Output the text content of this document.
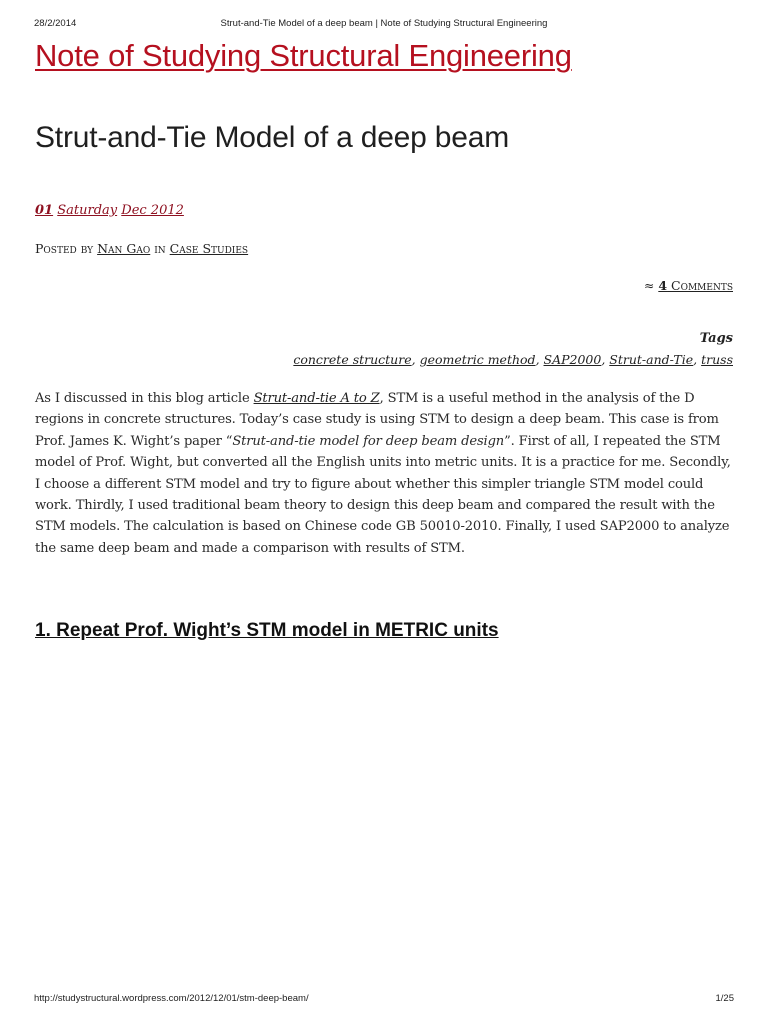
28/2/2014	Strut-and-Tie Model of a deep beam | Note of Studying Structural Engineering
Note of Studying Structural Engineering
Strut-and-Tie Model of a deep beam
01 Saturday Dec 2012
Posted by Nan Gao in Case Studies
≈ 4 Comments
Tags
concrete structure, geometric method, SAP2000, Strut-and-Tie, truss

As I discussed in this blog article Strut-and-tie A to Z, STM is a useful method in the analysis of the D regions in concrete structures. Today’s case study is using STM to design a deep beam. This case is from Prof. James K. Wight’s paper “Strut-and-tie model for deep beam design”. First of all, I repeated the STM model of Prof. Wight, but converted all the English units into metric units. It is a practice for me. Secondly, I choose a different STM model and try to figure about whether this simpler triangle STM model could work. Thirdly, I used traditional beam theory to design this deep beam and compared the result with the STM models. The calculation is based on Chinese code GB 50010-2010. Finally, I used SAP2000 to analyze the same deep beam and made a comparison with results of STM.

1. Repeat Prof. Wight’s STM model in METRIC units
http://studystructural.wordpress.com/2012/12/01/stm-deep-beam/	1/25
